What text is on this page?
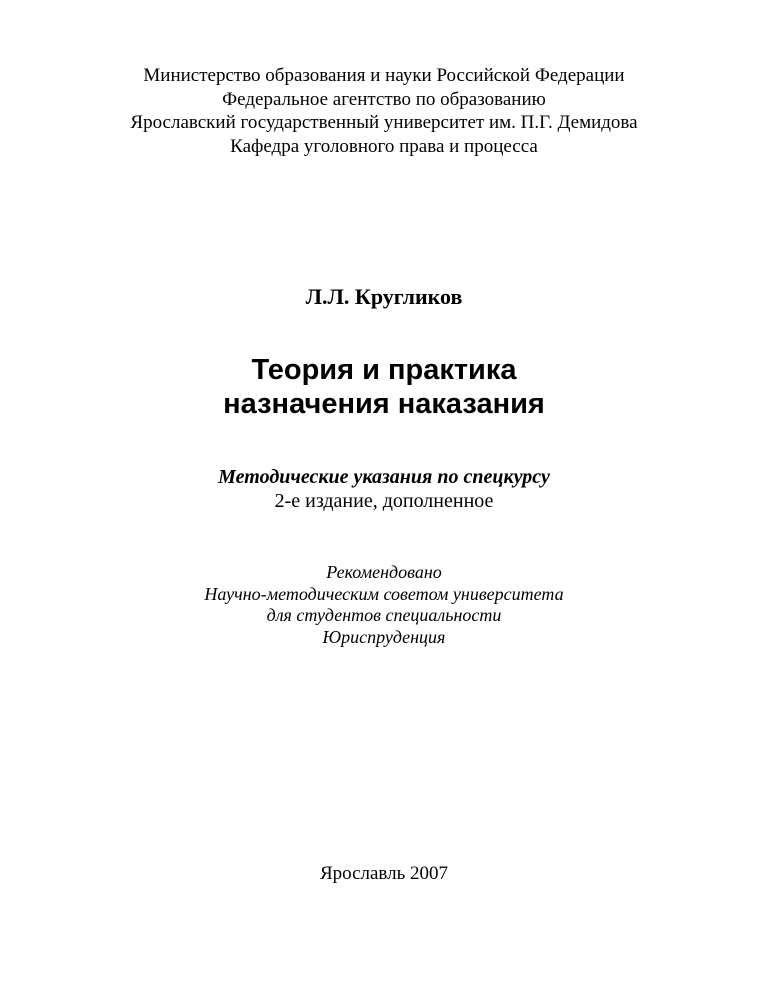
Министерство образования и науки Российской Федерации
Федеральное агентство по образованию
Ярославский государственный университет им. П.Г. Демидова
Кафедра уголовного права и процесса
Л.Л. Кругликов
Теория и практика
назначения наказания
Методические указания по спецкурсу
2-е издание, дополненное
Рекомендовано
Научно-методическим советом университета
для студентов специальности
Юриспруденция
Ярославль 2007
